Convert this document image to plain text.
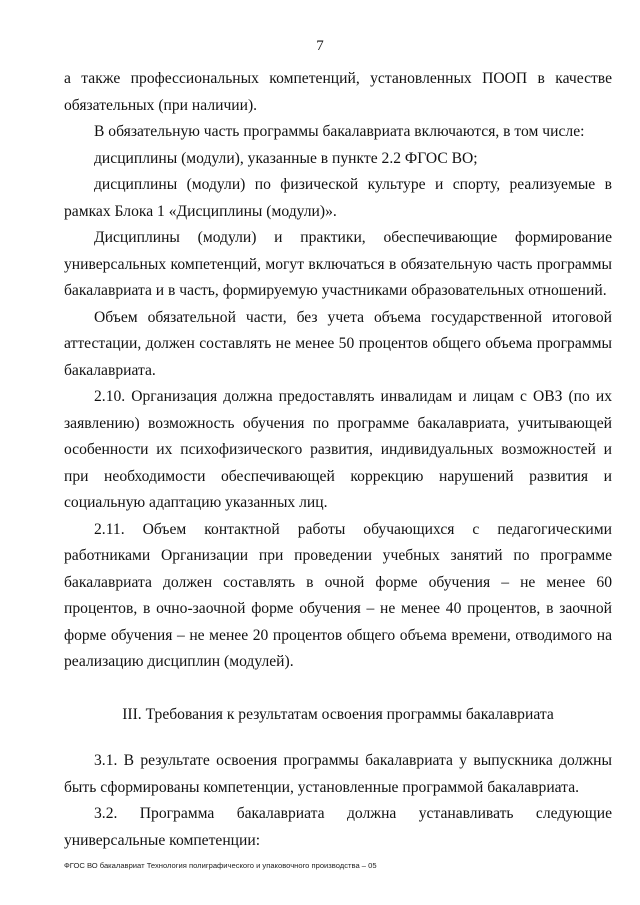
7

а также профессиональных компетенций, установленных ПООП в качестве обязательных (при наличии).

В обязательную часть программы бакалавриата включаются, в том числе:

дисциплины (модули), указанные в пункте 2.2 ФГОС ВО;

дисциплины (модули) по физической культуре и спорту, реализуемые в рамках Блока 1 «Дисциплины (модули)».

Дисциплины (модули) и практики, обеспечивающие формирование универсальных компетенций, могут включаться в обязательную часть программы бакалавриата и в часть, формируемую участниками образовательных отношений.

Объем обязательной части, без учета объема государственной итоговой аттестации, должен составлять не менее 50 процентов общего объема программы бакалавриата.

2.10. Организация должна предоставлять инвалидам и лицам с ОВЗ (по их заявлению) возможность обучения по программе бакалавриата, учитывающей особенности их психофизического развития, индивидуальных возможностей и при необходимости обеспечивающей коррекцию нарушений развития и социальную адаптацию указанных лиц.

2.11. Объем контактной работы обучающихся с педагогическими работниками Организации при проведении учебных занятий по программе бакалавриата должен составлять в очной форме обучения – не менее 60 процентов, в очно-заочной форме обучения – не менее 40 процентов, в заочной форме обучения – не менее 20 процентов общего объема времени, отводимого на реализацию дисциплин (модулей).

III. Требования к результатам освоения программы бакалавриата

3.1. В результате освоения программы бакалавриата у выпускника должны быть сформированы компетенции, установленные программой бакалавриата.

3.2. Программа бакалавриата должна устанавливать следующие универсальные компетенции:

ФГОС ВО бакалавриат Технология полиграфического и упаковочного производства – 05
